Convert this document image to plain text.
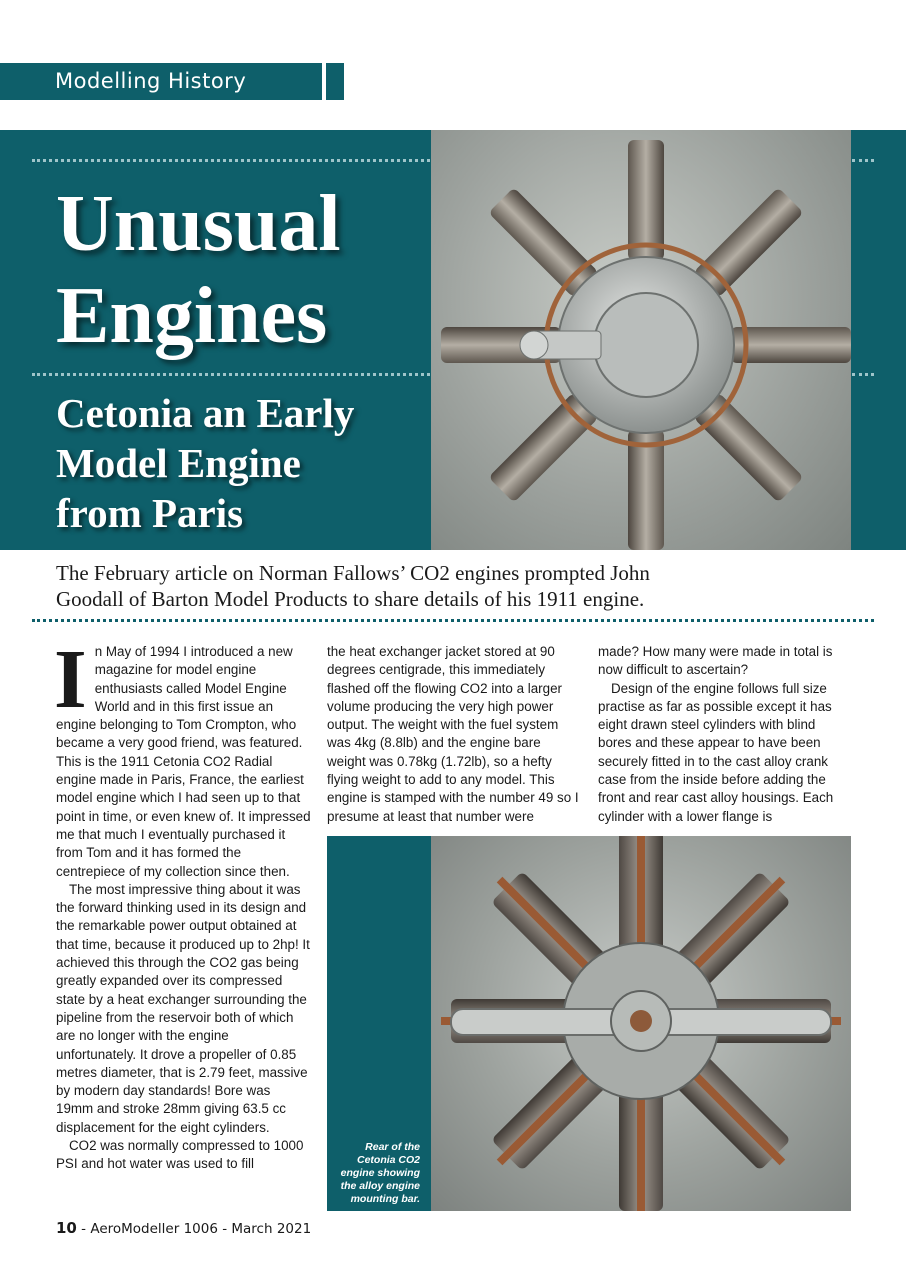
Modelling History
Unusual
Engines
Cetonia an Early
Model Engine
from Paris

The February article on Norman Fallows’ CO2 engines prompted John Goodall of Barton Model Products to share details of his 1911 engine.

In May of 1994 I introduced a new magazine for model engine enthusiasts called Model Engine World and in this first issue an engine belonging to Tom Crompton, who became a very good friend, was featured. This is the 1911 Cetonia CO2 Radial engine made in Paris, France, the earliest model engine which I had seen up to that point in time, or even knew of. It impressed me that much I eventually purchased it from Tom and it has formed the centrepiece of my collection since then.

The most impressive thing about it was the forward thinking used in its design and the remarkable power output obtained at that time, because it produced up to 2hp! It achieved this through the CO2 gas being greatly expanded over its compressed state by a heat exchanger surrounding the pipeline from the reservoir both of which are no longer with the engine unfortunately. It drove a propeller of 0.85 metres diameter, that is 2.79 feet, massive by modern day standards! Bore was 19mm and stroke 28mm giving 63.5 cc displacement for the eight cylinders.

CO2 was normally compressed to 1000 PSI and hot water was used to fill

the heat exchanger jacket stored at 90 degrees centigrade, this immediately flashed off the flowing CO2 into a larger volume producing the very high power output. The weight with the fuel system was 4kg (8.8lb) and the engine bare weight was 0.78kg (1.72lb), so a hefty flying weight to add to any model. This engine is stamped with the number 49 so I presume at least that number were

made? How many were made in total is now difficult to ascertain?

Design of the engine follows full size practise as far as possible except it has eight drawn steel cylinders with blind bores and these appear to have been securely fitted in to the cast alloy crank case from the inside before adding the front and rear cast alloy housings. Each cylinder with a lower flange is

Rear of the
Cetonia CO2
engine showing
the alloy engine
mounting bar.
10 - AeroModeller 1006 - March 2021
